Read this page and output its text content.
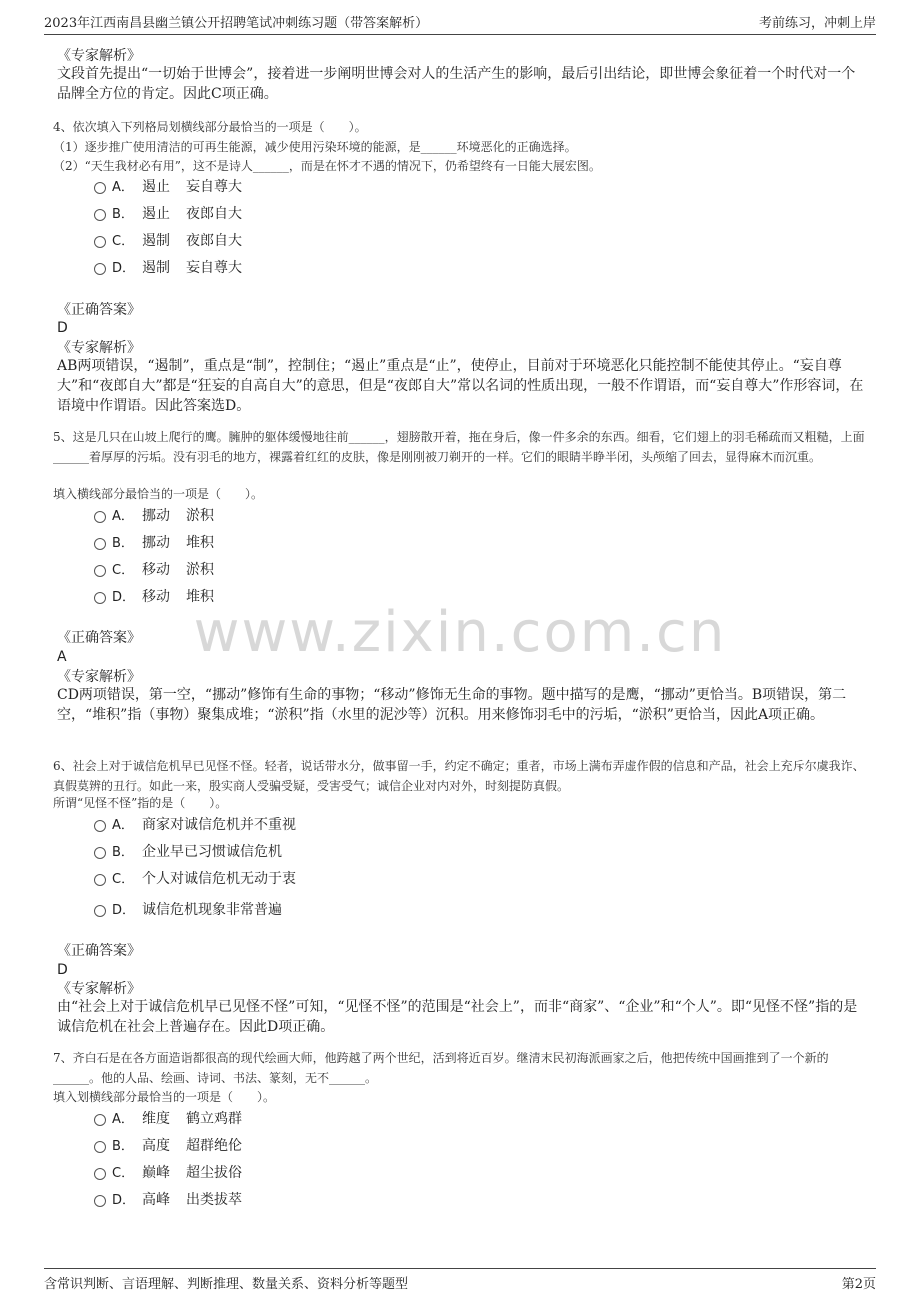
2023年江西南昌县幽兰镇公开招聘笔试冲刺练习题（带答案解析）	考前练习，冲刺上岸
www.zixin.com.cn
《专家解析》
文段首先提出“一切始于世博会”，接着进一步阐明世博会对人的生活产生的影响，最后引出结论，即世博会象征着一个时代对一个品牌全方位的肯定。因此C项正确。
4、依次填入下列格局划横线部分最恰当的一项是（　　）。
（1）逐步推广使用清洁的可再生能源，减少使用污染环境的能源，是______环境恶化的正确选择。
（2）“天生我材必有用”，这不是诗人______，而是在怀才不遇的情况下，仍希望终有一日能大展宏图。
A． 遏止 妄自尊大
B． 遏止 夜郎自大
C． 遏制 夜郎自大
D． 遏制 妄自尊大
《正确答案》
D
《专家解析》
AB两项错误，“遏制”，重点是“制”，控制住；“遏止”重点是“止”，使停止，目前对于环境恶化只能控制不能使其停止。“妄自尊大”和“夜郎自大”都是“狂妄的自高自大”的意思，但是“夜郎自大”常以名词的性质出现，一般不作谓语，而“妄自尊大”作形容词，在语境中作谓语。因此答案选D。
5、这是几只在山坡上爬行的鹰。臃肿的躯体缓慢地往前______，翅膀散开着，拖在身后，像一件多余的东西。细看，它们翅上的羽毛稀疏而又粗糙，上面______着厚厚的污垢。没有羽毛的地方，裸露着红红的皮肤，像是刚刚被刀剃开的一样。它们的眼睛半睁半闭，头颅缩了回去，显得麻木而沉重。
填入横线部分最恰当的一项是（　　）。
A． 挪动 淤积
B． 挪动 堆积
C． 移动 淤积
D． 移动 堆积
《正确答案》
A
《专家解析》
CD两项错误，第一空，“挪动”修饰有生命的事物；“移动”修饰无生命的事物。题中描写的是鹰，“挪动”更恰当。B项错误，第二空，“堆积”指（事物）聚集成堆；“淤积”指（水里的泥沙等）沉积。用来修饰羽毛中的污垢，“淤积”更恰当，因此A项正确。
6、社会上对于诚信危机早已见怪不怪。轻者，说话带水分，做事留一手，约定不确定；重者，市场上满布弄虚作假的信息和产品，社会上充斥尔虞我诈、真假莫辨的丑行。如此一来，殷实商人受骗受疑，受害受气；诚信企业对内对外，时刻提防真假。
所谓“见怪不怪”指的是（　　）。
A． 商家对诚信危机并不重视
B． 企业早已习惯诚信危机
C． 个人对诚信危机无动于衷
D． 诚信危机现象非常普遍
《正确答案》
D
《专家解析》
由“社会上对于诚信危机早已见怪不怪”可知，“见怪不怪”的范围是“社会上”，而非“商家”、“企业”和“个人”。即“见怪不怪”指的是诚信危机在社会上普遍存在。因此D项正确。
7、齐白石是在各方面造诣都很高的现代绘画大师，他跨越了两个世纪，活到将近百岁。继清末民初海派画家之后，他把传统中国画推到了一个新的______。他的人品、绘画、诗词、书法、篆刻，无不______。
填入划横线部分最恰当的一项是（　　）。
A． 维度 鹤立鸡群
B． 高度 超群绝伦
C． 巅峰 超尘拔俗
D． 高峰 出类拔萃
含常识判断、言语理解、判断推理、数量关系、资料分析等题型	第2页
